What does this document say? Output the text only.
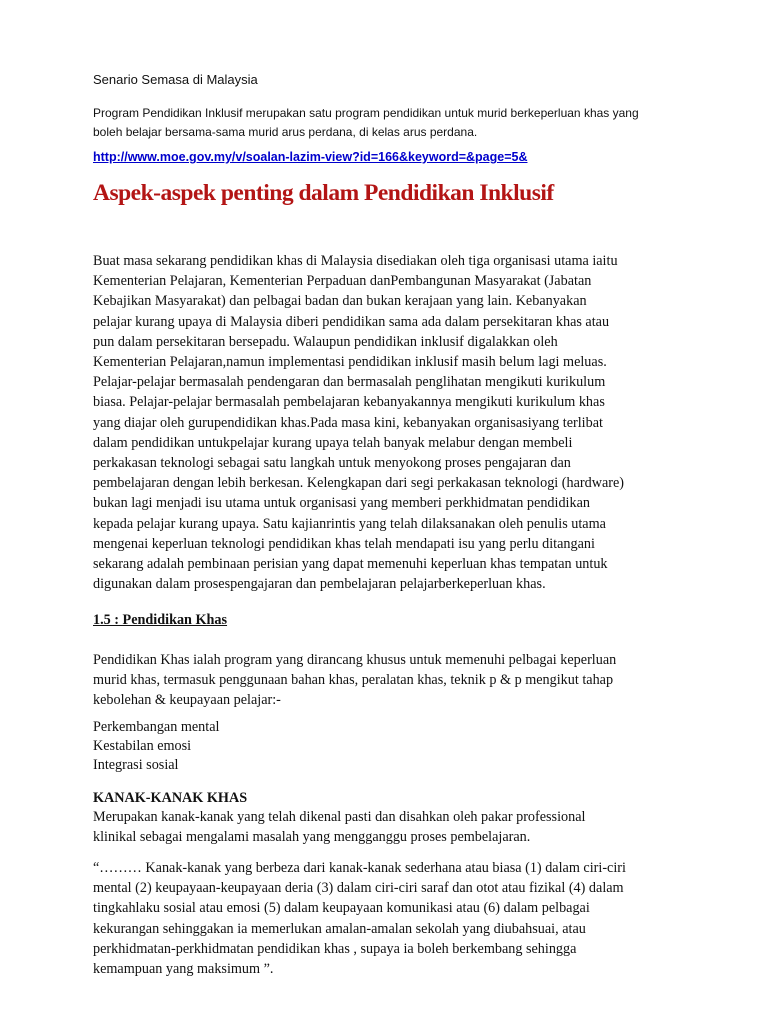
Senario Semasa di Malaysia
Program Pendidikan Inklusif merupakan satu program pendidikan untuk murid berkeperluan khas yang boleh belajar bersama-sama murid arus perdana, di kelas arus perdana.
http://www.moe.gov.my/v/soalan-lazim-view?id=166&keyword=&page=5&
Aspek-aspek penting dalam Pendidikan Inklusif
Buat masa sekarang pendidikan khas di Malaysia disediakan oleh tiga organisasi utama iaitu
Kementerian Pelajaran, Kementerian Perpaduan danPembangunan Masyarakat (Jabatan
Kebajikan Masyarakat) dan pelbagai badan dan bukan kerajaan yang lain. Kebanyakan
pelajar kurang upaya di Malaysia diberi pendidikan sama ada dalam persekitaran khas atau
pun dalam persekitaran bersepadu. Walaupun pendidikan inklusif digalakkan oleh
Kementerian Pelajaran,namun implementasi pendidikan inklusif masih belum lagi meluas.
Pelajar-pelajar bermasalah pendengaran dan bermasalah penglihatan mengikuti kurikulum
biasa. Pelajar-pelajar bermasalah pembelajaran kebanyakannya mengikuti kurikulum khas
yang diajar oleh gurupendidikan khas.Pada masa kini, kebanyakan organisasiyang terlibat
dalam pendidikan untukpelajar kurang upaya telah banyak melabur dengan membeli
perkakasan teknologi sebagai satu langkah untuk menyokong proses pengajaran dan
pembelajaran dengan lebih berkesan. Kelengkapan dari segi perkakasan teknologi (hardware)
bukan lagi menjadi isu utama untuk organisasi yang memberi perkhidmatan pendidikan
kepada pelajar kurang upaya. Satu kajianrintis yang telah dilaksanakan oleh penulis utama
mengenai keperluan teknologi pendidikan khas telah mendapati isu yang perlu ditangani
sekarang adalah pembinaan perisian yang dapat memenuhi keperluan khas tempatan untuk
digunakan dalam prosespengajaran dan pembelajaran pelajarberkeperluan khas.
1.5 : Pendidikan Khas
Pendidikan Khas ialah program yang dirancang khusus untuk memenuhi pelbagai keperluan
murid khas, termasuk penggunaan bahan khas, peralatan khas, teknik p & p mengikut tahap
kebolehan & keupayaan pelajar:-
Perkembangan mental
Kestabilan emosi
Integrasi sosial
KANAK-KANAK KHAS
Merupakan kanak-kanak yang telah dikenal pasti dan disahkan oleh pakar professional
klinikal sebagai mengalami masalah yang mengganggu proses pembelajaran.
“……… Kanak-kanak yang berbeza dari kanak-kanak sederhana atau biasa (1) dalam ciri-ciri
mental (2) keupayaan-keupayaan deria (3) dalam ciri-ciri saraf dan otot atau fizikal (4) dalam
tingkahlaku sosial atau emosi (5) dalam keupayaan komunikasi atau (6) dalam pelbagai
kekurangan sehinggakan ia memerlukan amalan-amalan sekolah yang diubahsuai, atau
perkhidmatan-perkhidmatan pendidikan khas , supaya ia boleh berkembang sehingga
kemampuan yang maksimum ”.
